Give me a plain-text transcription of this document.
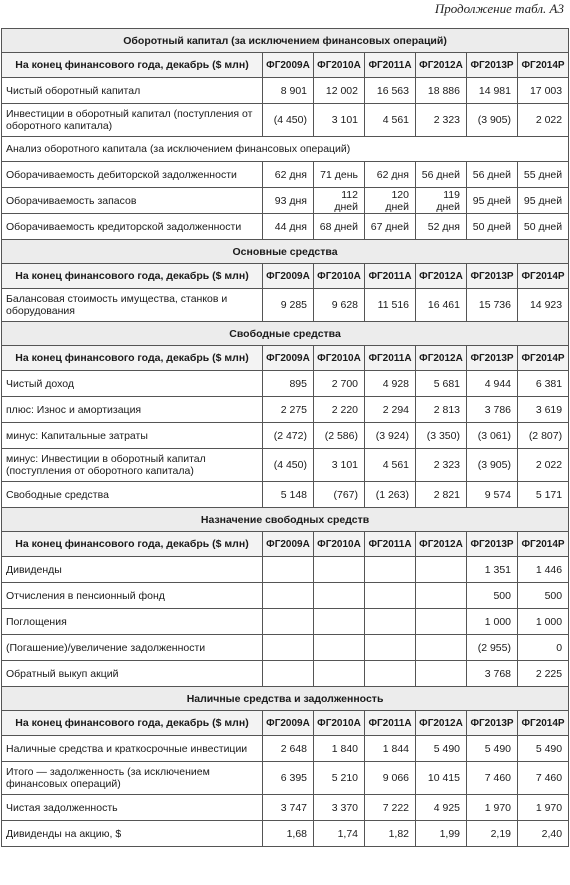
Продолжение табл. А3
Оборотный капитал (за исключением финансовых операций)						
На конец финансового года, декабрь ($ млн)	ФГ2009А	ФГ2010А	ФГ2011А	ФГ2012А	ФГ2013Р	ФГ2014Р
Чистый оборотный капитал	8 901	12 002	16 563	18 886	14 981	17 003
Инвестиции в оборотный капитал (поступления от оборотного капитала)	(4 450)	3 101	4 561	2 323	(3 905)	2 022
Анализ оборотного капитала (за исключением финансовых операций)						
Оборачиваемость дебиторской задолженности	62 дня	71 день	62 дня	56 дней	56 дней	55 дней
Оборачиваемость запасов	93 дня	112 дней	120 дней	119 дней	95 дней	95 дней
Оборачиваемость кредиторской задолженности	44 дня	68 дней	67 дней	52 дня	50 дней	50 дней
Основные средства						
На конец финансового года, декабрь ($ млн)	ФГ2009А	ФГ2010А	ФГ2011А	ФГ2012А	ФГ2013Р	ФГ2014Р
Балансовая стоимость имущества, станков и оборудования	9 285	9 628	11 516	16 461	15 736	14 923
Свободные средства						
На конец финансового года, декабрь ($ млн)	ФГ2009А	ФГ2010А	ФГ2011А	ФГ2012А	ФГ2013Р	ФГ2014Р
Чистый доход	895	2 700	4 928	5 681	4 944	6 381
плюс: Износ и амортизация	2 275	2 220	2 294	2 813	3 786	3 619
минус: Капитальные затраты	(2 472)	(2 586)	(3 924)	(3 350)	(3 061)	(2 807)
минус: Инвестиции в оборотный капитал (поступления от оборотного капитала)	(4 450)	3 101	4 561	2 323	(3 905)	2 022
Свободные средства	5 148	(767)	(1 263)	2 821	9 574	5 171
Назначение свободных средств						
На конец финансового года, декабрь ($ млн)	ФГ2009А	ФГ2010А	ФГ2011А	ФГ2012А	ФГ2013Р	ФГ2014Р
Дивиденды					1 351	1 446
Отчисления в пенсионный фонд					500	500
Поглощения					1 000	1 000
(Погашение)/увеличение задолженности					(2 955)	0
Обратный выкуп акций					3 768	2 225
Наличные средства и задолженность						
На конец финансового года, декабрь ($ млн)	ФГ2009А	ФГ2010А	ФГ2011А	ФГ2012А	ФГ2013Р	ФГ2014Р
Наличные средства и краткосрочные инвестиции	2 648	1 840	1 844	5 490	5 490	5 490
Итого — задолженность (за исключением финансовых операций)	6 395	5 210	9 066	10 415	7 460	7 460
Чистая задолженность	3 747	3 370	7 222	4 925	1 970	1 970
Дивиденды на акцию, $	1,68	1,74	1,82	1,99	2,19	2,40
